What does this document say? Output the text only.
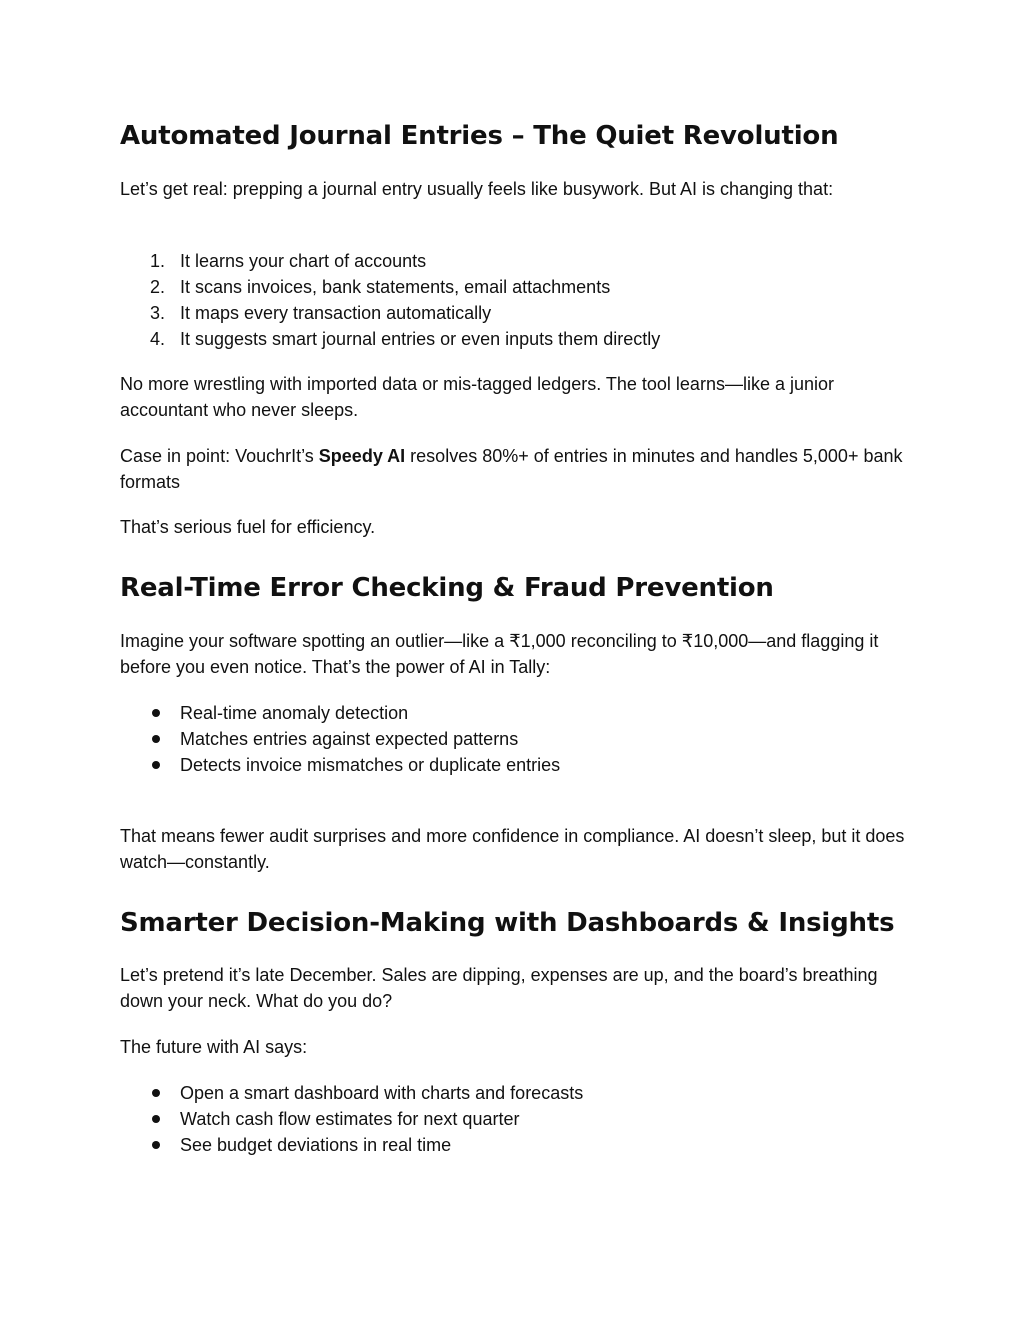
Automated Journal Entries – The Quiet Revolution

Let’s get real: prepping a journal entry usually feels like busywork. But AI is changing that:

1. It learns your chart of accounts
2. It scans invoices, bank statements, email attachments
3. It maps every transaction automatically
4. It suggests smart journal entries or even inputs them directly

No more wrestling with imported data or mis-tagged ledgers. The tool learns—like a junior accountant who never sleeps.

Case in point: VouchrIt’s Speedy AI resolves 80%+ of entries in minutes and handles 5,000+ bank formats

That’s serious fuel for efficiency.

Real-Time Error Checking & Fraud Prevention

Imagine your software spotting an outlier—like a ₹1,000 reconciling to ₹10,000—and flagging it before you even notice. That’s the power of AI in Tally:

Real-time anomaly detection
Matches entries against expected patterns
Detects invoice mismatches or duplicate entries

That means fewer audit surprises and more confidence in compliance. AI doesn’t sleep, but it does watch—constantly.

Smarter Decision-Making with Dashboards & Insights

Let’s pretend it’s late December. Sales are dipping, expenses are up, and the board’s breathing down your neck. What do you do?

The future with AI says:

Open a smart dashboard with charts and forecasts
Watch cash flow estimates for next quarter
See budget deviations in real time
